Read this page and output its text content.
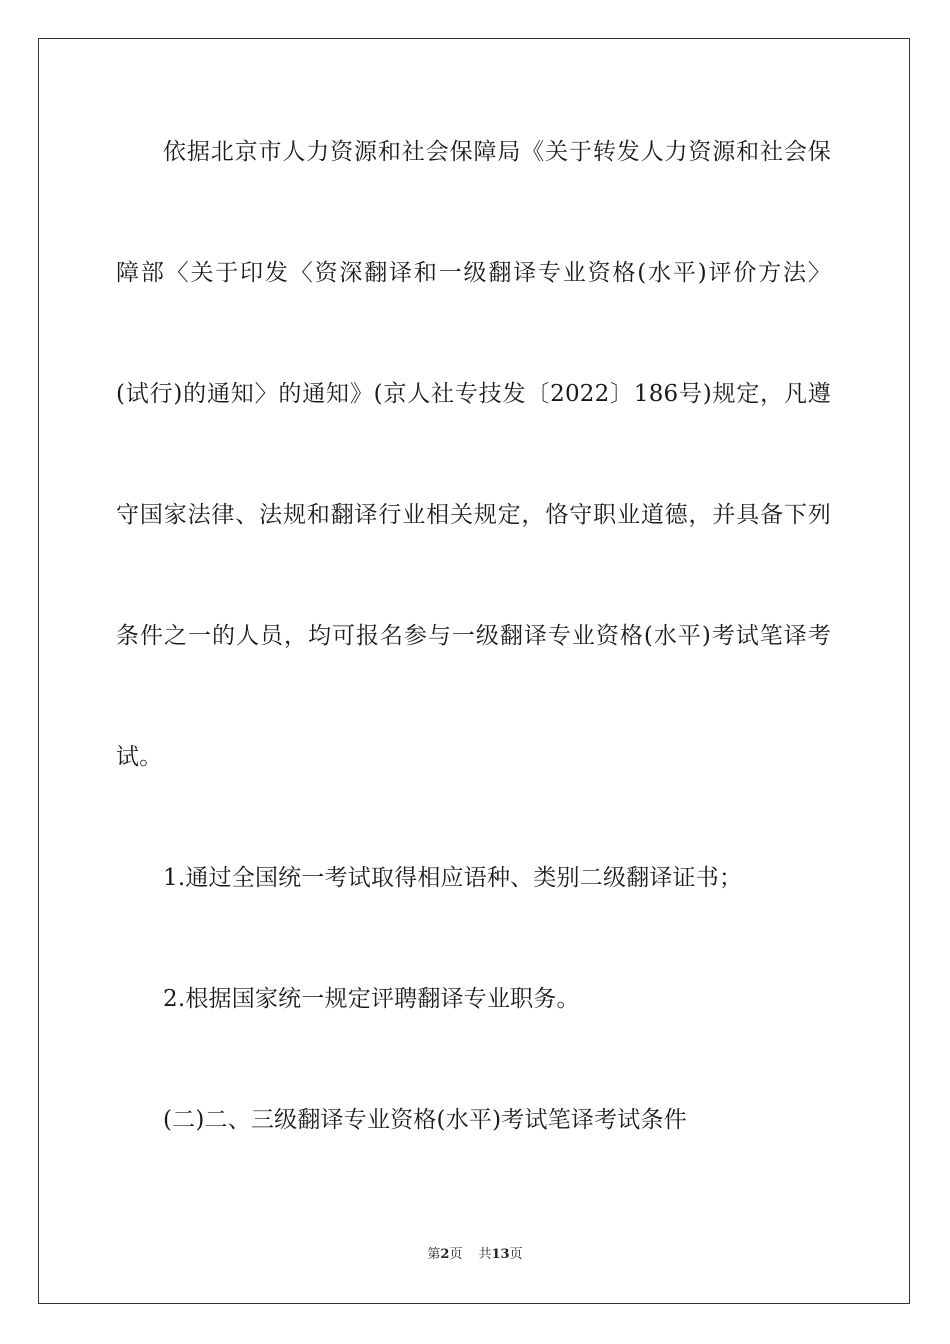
依据北京市人力资源和社会保障局《关于转发人力资源和社会保
障部〈关于印发〈资深翻译和一级翻译专业资格(水平)评价方法〉
(试行)的通知〉的通知》(京人社专技发〔2022〕186号)规定，凡遵
守国家法律、法规和翻译行业相关规定，恪守职业道德，并具备下列
条件之一的人员，均可报名参与一级翻译专业资格(水平)考试笔译考
试。
1.通过全国统一考试取得相应语种、类别二级翻译证书；
2.根据国家统一规定评聘翻译专业职务。
(二)二、三级翻译专业资格(水平)考试笔译考试条件
第2页 共13页
